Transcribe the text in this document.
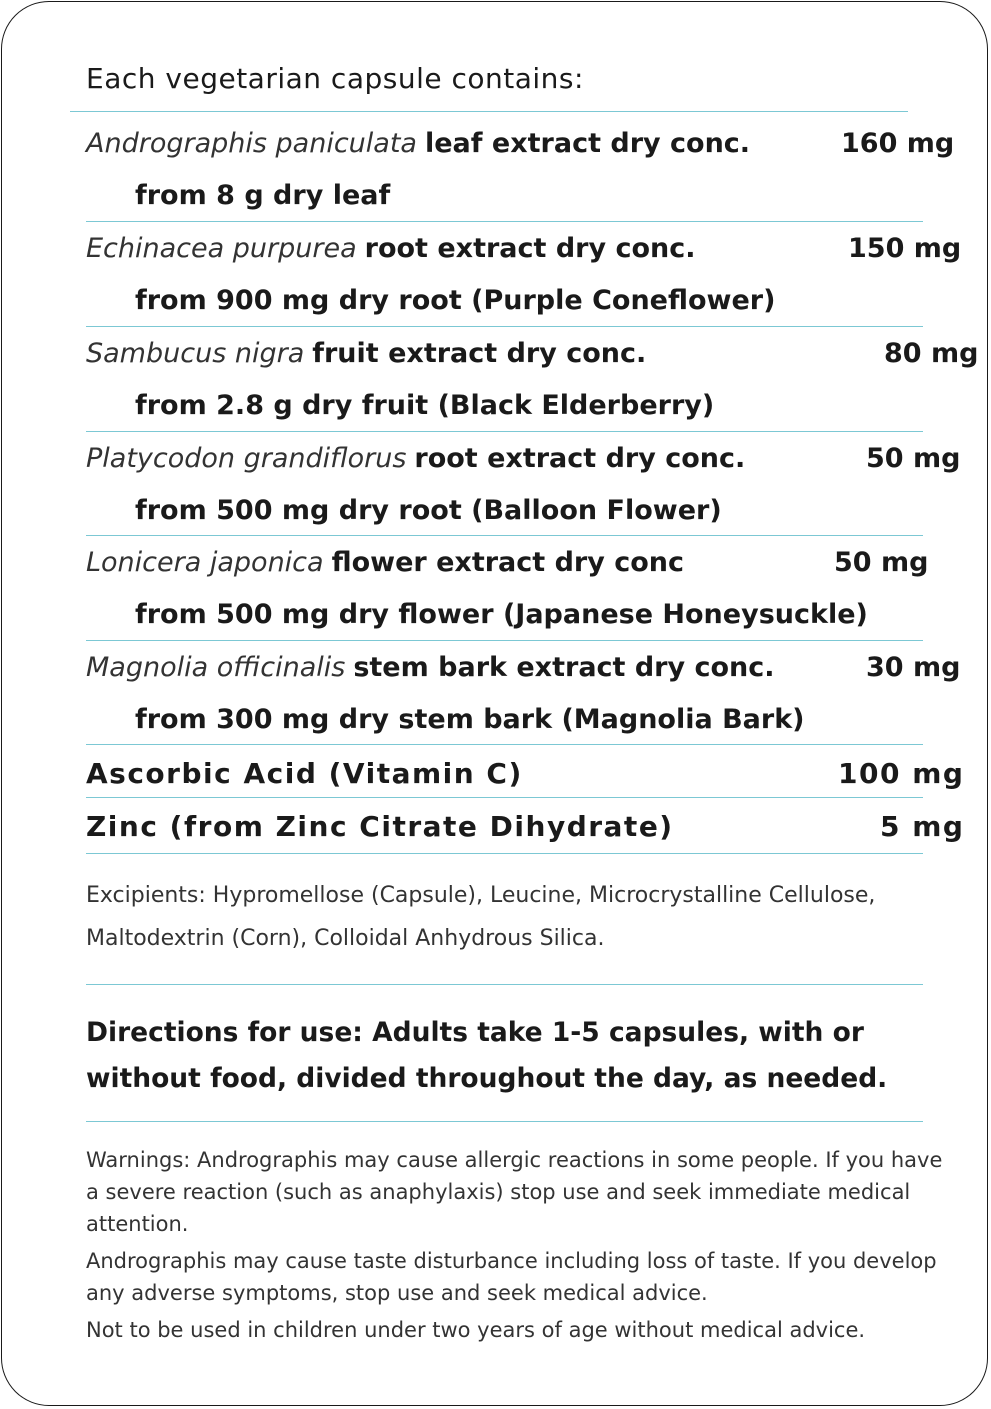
Each vegetarian capsule contains:
Andrographis paniculata leaf extract dry conc.	160 mg
from 8 g dry leaf
Echinacea purpurea root extract dry conc.	150 mg
from 900 mg dry root (Purple Coneflower)
Sambucus nigra fruit extract dry conc.	80 mg
from 2.8 g dry fruit (Black Elderberry)
Platycodon grandiflorus root extract dry conc.	50 mg
from 500 mg dry root (Balloon Flower)
Lonicera japonica flower extract dry conc	50 mg
from 500 mg dry flower (Japanese Honeysuckle)
Magnolia officinalis stem bark extract dry conc.	30 mg
from 300 mg dry stem bark (Magnolia Bark)
Ascorbic Acid (Vitamin C)	100 mg
Zinc (from Zinc Citrate Dihydrate)	5 mg
Excipients: Hypromellose (Capsule), Leucine, Microcrystalline Cellulose, Maltodextrin (Corn), Colloidal Anhydrous Silica.
Directions for use: Adults take 1-5 capsules, with or without food, divided throughout the day, as needed.

Warnings: Andrographis may cause allergic reactions in some people. If you have a severe reaction (such as anaphylaxis) stop use and seek immediate medical attention.

Andrographis may cause taste disturbance including loss of taste. If you develop any adverse symptoms, stop use and seek medical advice.

Not to be used in children under two years of age without medical advice.
